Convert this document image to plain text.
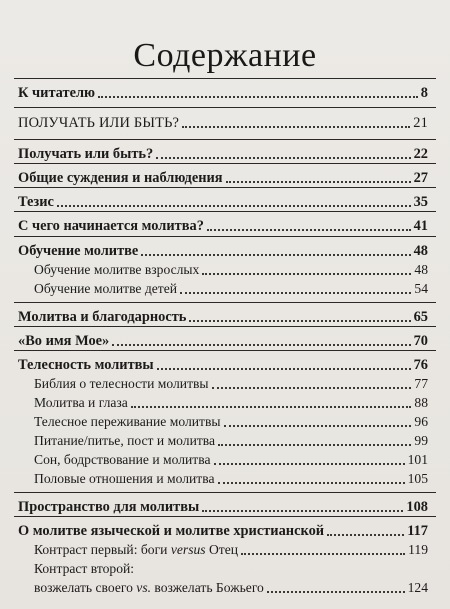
Содержание
К читателю	8
ПОЛУЧАТЬ ИЛИ БЫТЬ?	21
Получать или быть?	22
Общие суждения и наблюдения	27
Тезис	35
С чего начинается молитва?	41
Обучение молитве	48
Обучение молитве взрослых	48
Обучение молитве детей	54
Молитва и благодарность	65
«Во имя Мое»	70
Телесность молитвы	76
Библия о телесности молитвы	77
Молитва и глаза	88
Телесное переживание молитвы	96
Питание/питье, пост и молитва	99
Сон, бодрствование и молитва	101
Половые отношения и молитва	105
Пространство для молитвы	108
О молитве языческой и молитве христианской	117
Контраст первый: боги versus Отец	119
Контраст второй:
возжелать своего vs. возжелать Божьего	124
